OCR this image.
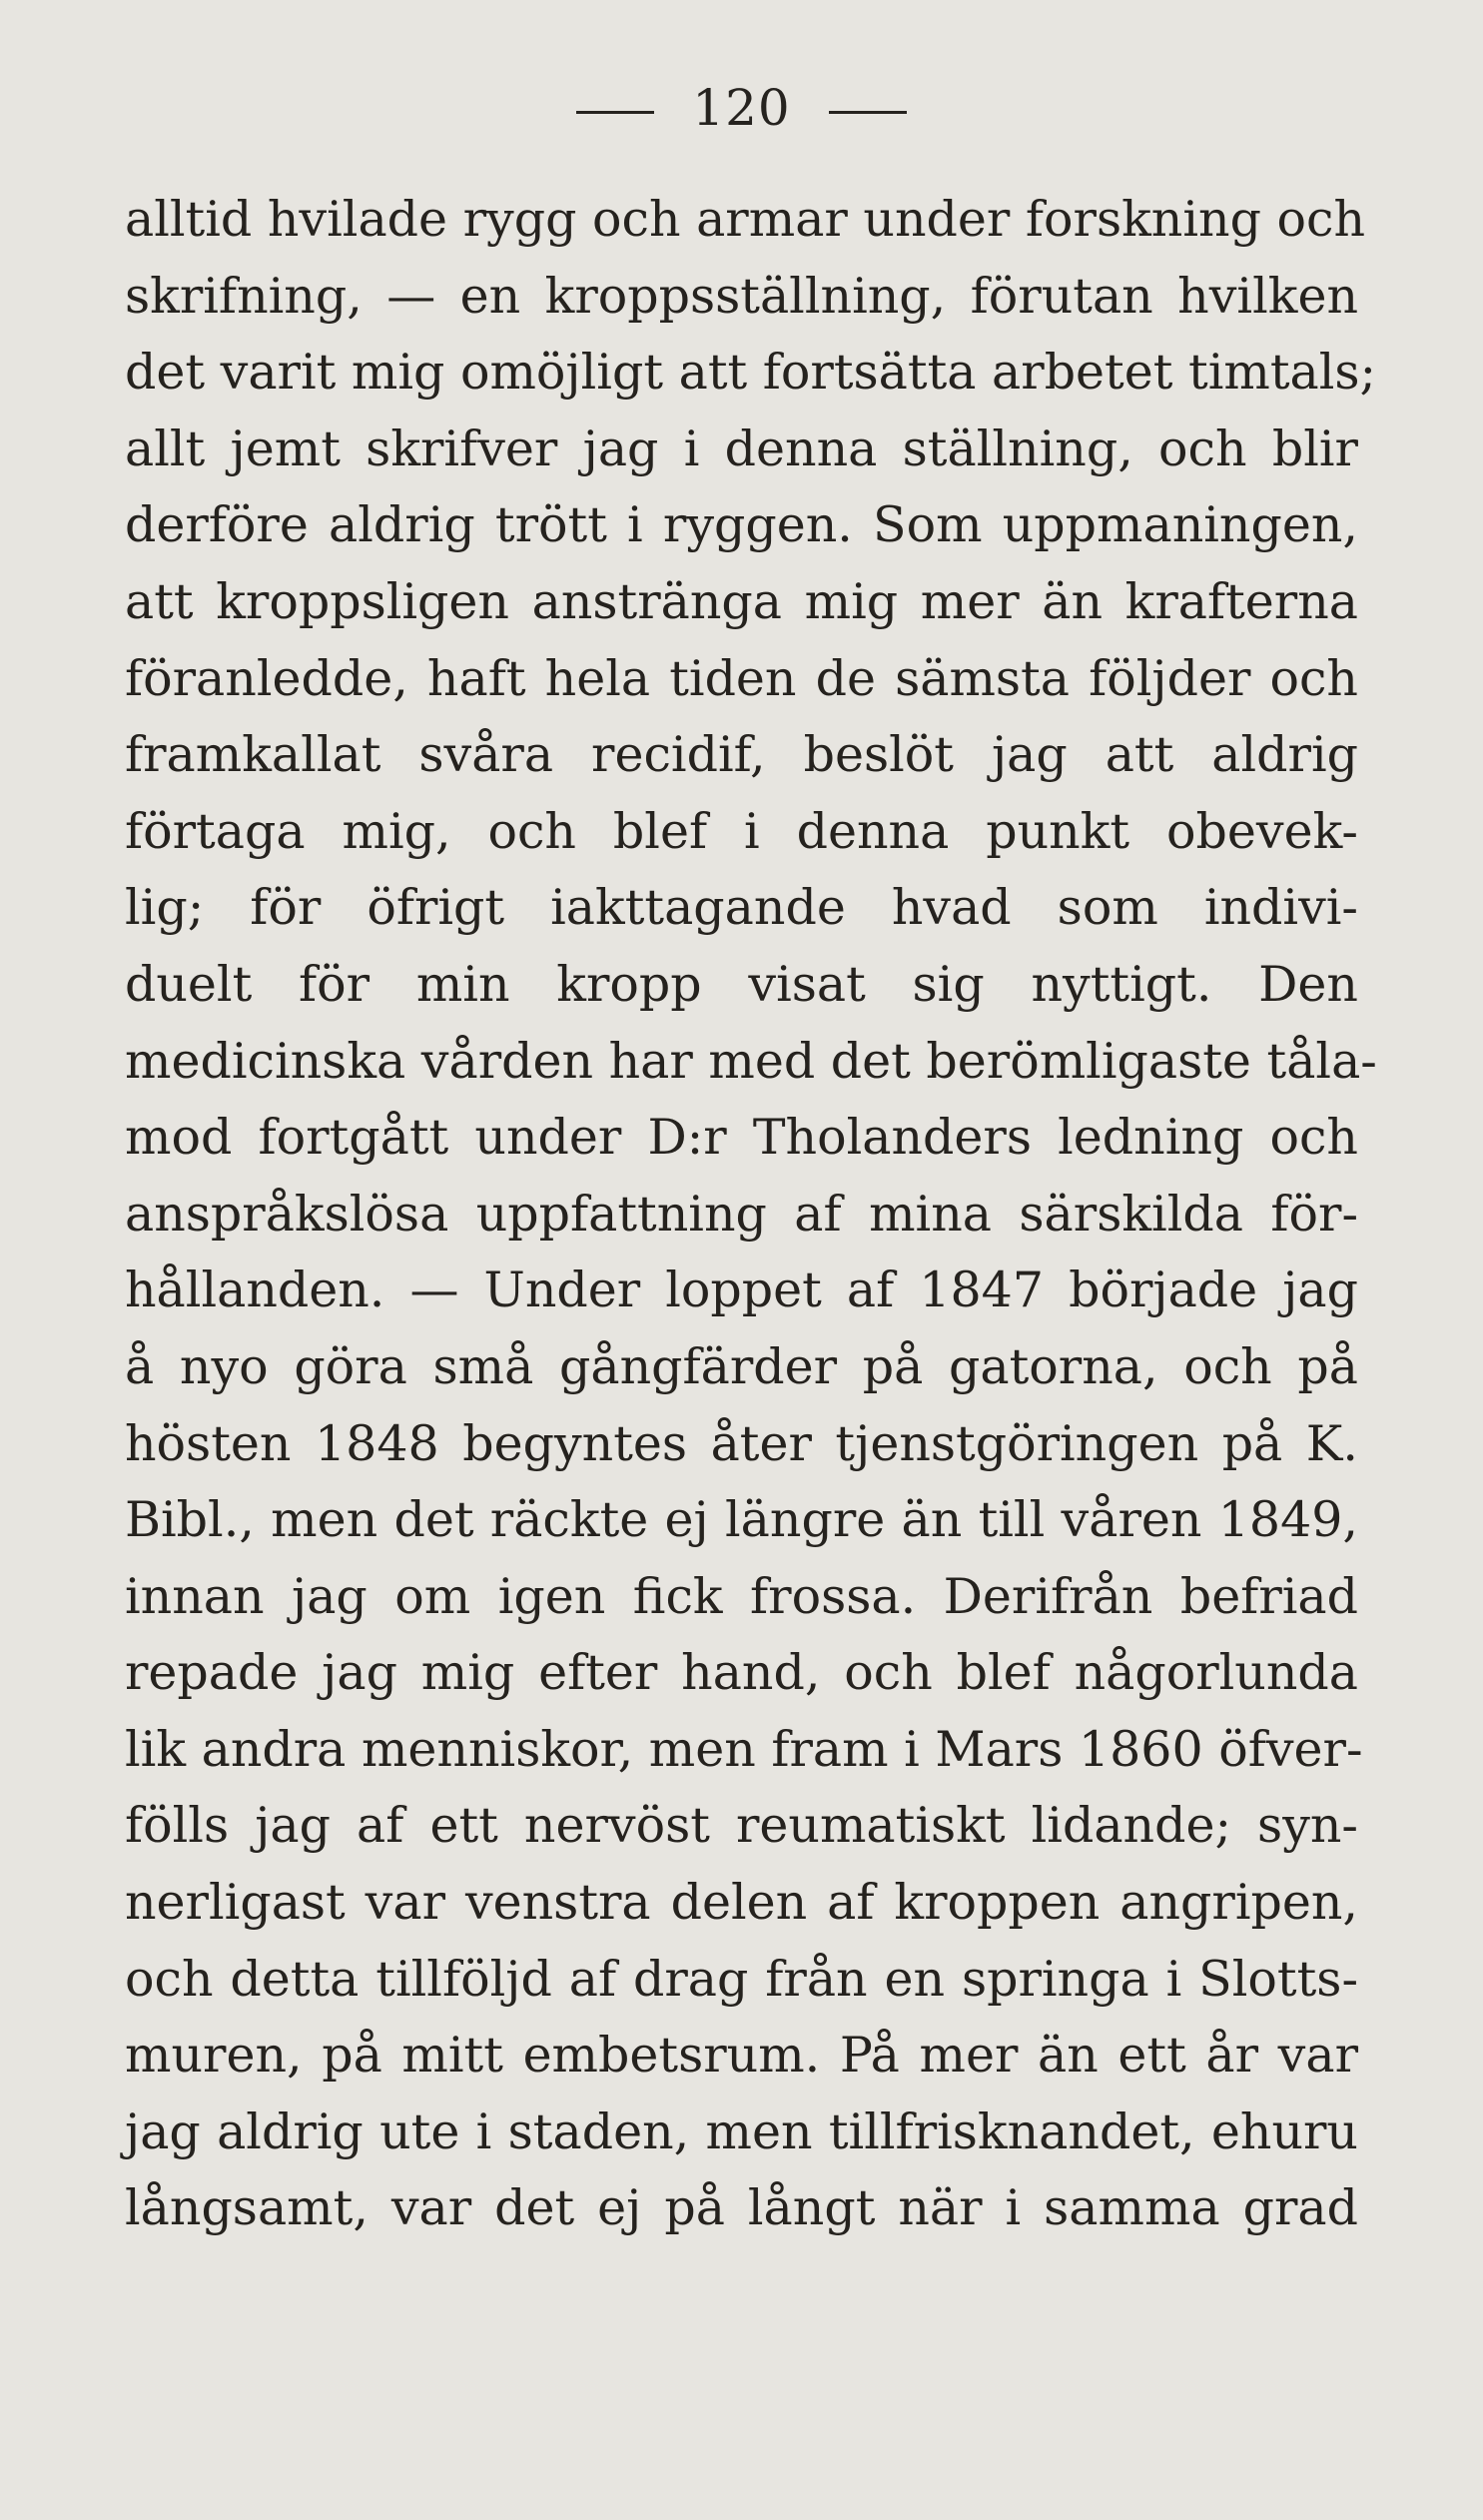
120
alltid hvilade rygg och armar under forskning och
skrifning, — en kroppsställning, förutan hvilken
det varit mig omöjligt att fortsätta arbetet timtals;
allt jemt skrifver jag i denna ställning, och blir
derföre aldrig trött i ryggen. Som uppmaningen,
att kroppsligen anstränga mig mer än krafterna
föranledde, haft hela tiden de sämsta följder och
framkallat svåra recidif, beslöt jag att aldrig
förtaga mig, och blef i denna punkt obevek-
lig; för öfrigt iakttagande hvad som indivi-
duelt för min kropp visat sig nyttigt. Den
medicinska vården har med det berömligaste tåla-
mod fortgått under D:r Tholanders ledning och
anspråkslösa uppfattning af mina särskilda för-
hållanden. — Under loppet af 1847 började jag
å nyo göra små gångfärder på gatorna, och på
hösten 1848 begyntes åter tjenstgöringen på K.
Bibl., men det räckte ej längre än till våren 1849,
innan jag om igen fick frossa. Derifrån befriad
repade jag mig efter hand, och blef någorlunda
lik andra menniskor, men fram i Mars 1860 öfver-
fölls jag af ett nervöst reumatiskt lidande; syn-
nerligast var venstra delen af kroppen angripen,
och detta tillföljd af drag från en springa i Slotts-
muren, på mitt embetsrum. På mer än ett år var
jag aldrig ute i staden, men tillfrisknandet, ehuru
långsamt, var det ej på långt när i samma grad
